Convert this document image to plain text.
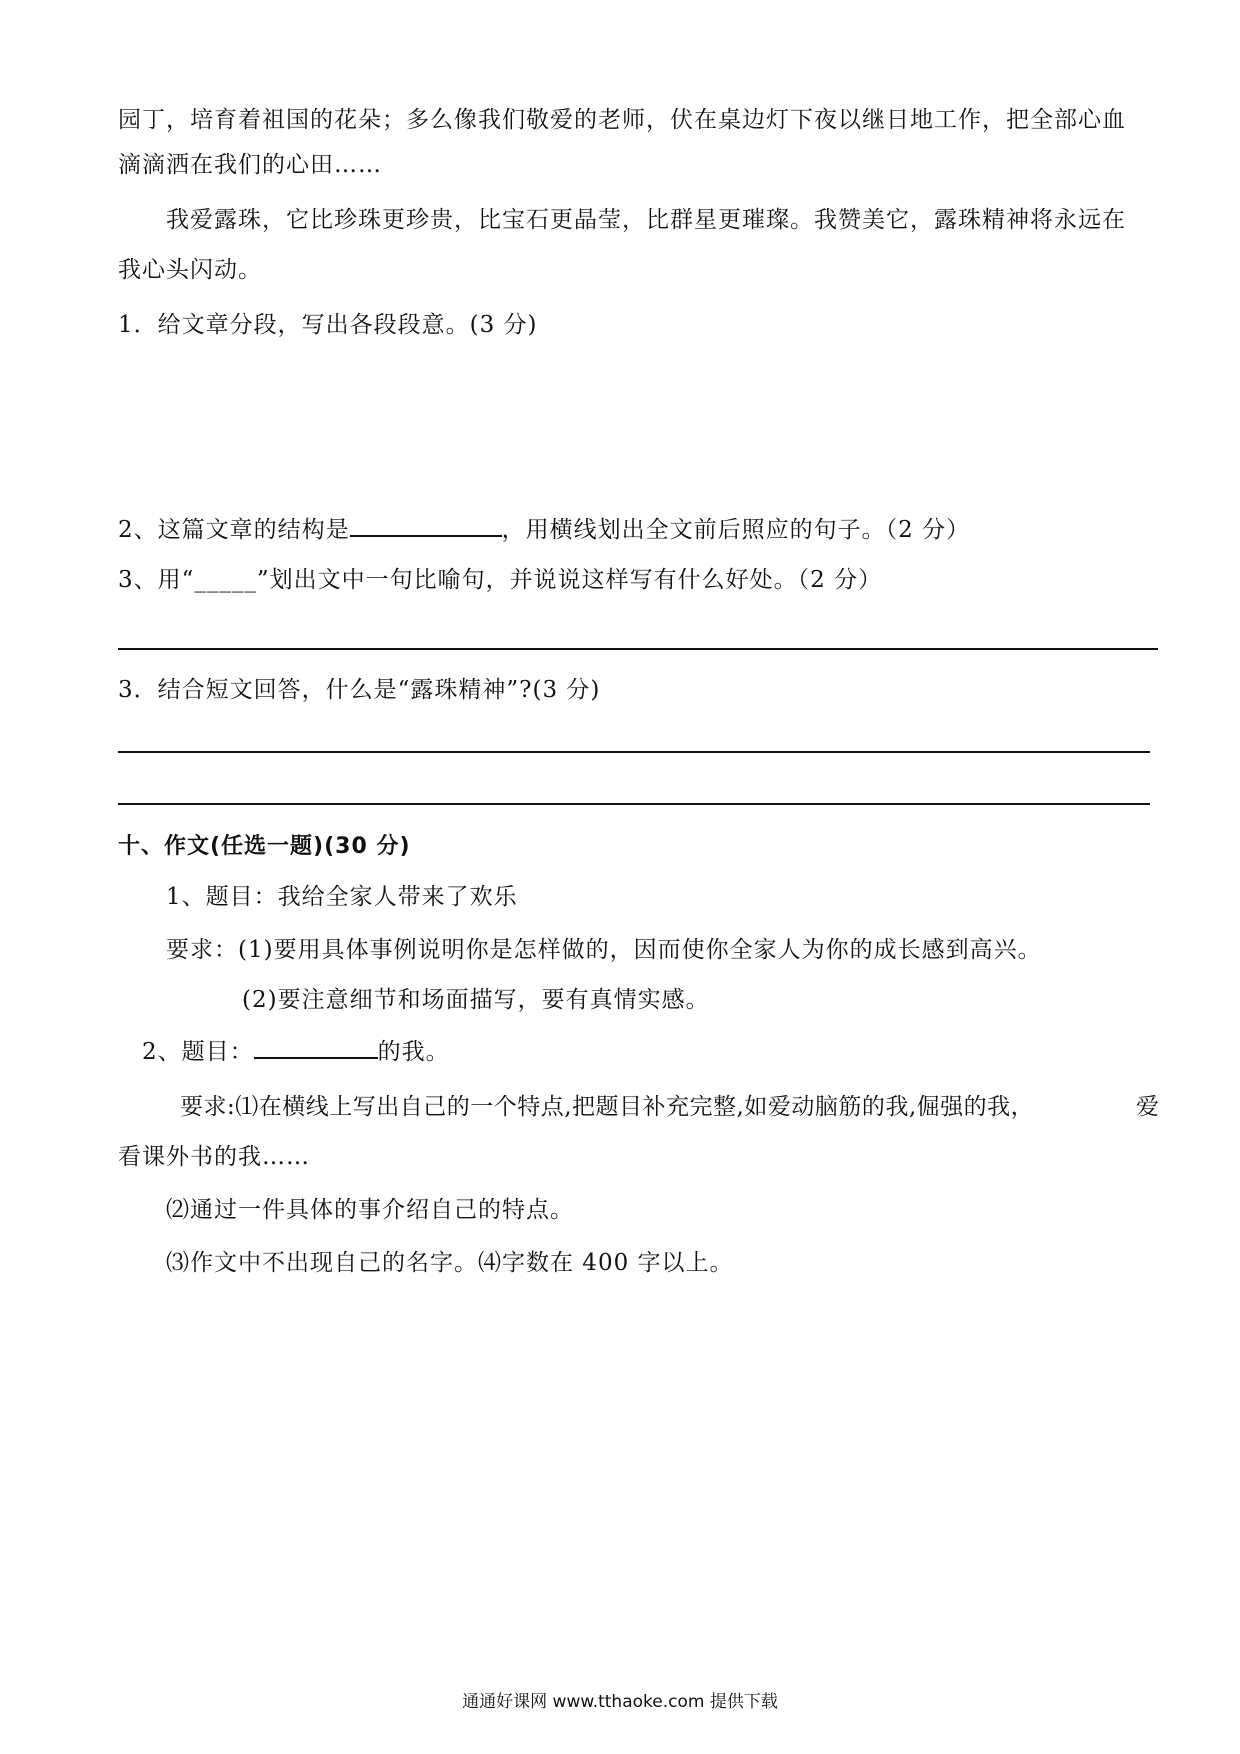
园丁，培育着祖国的花朵；多么像我们敬爱的老师，伏在桌边灯下夜以继日地工作，把全部心血
滴滴洒在我们的心田……
我爱露珠，它比珍珠更珍贵，比宝石更晶莹，比群星更璀璨。我赞美它，露珠精神将永远在
我心头闪动。
1．给文章分段，写出各段段意。(3 分)
2、这篇文章的结构是	，用横线划出全文前后照应的句子。（2 分）
3、用“_____”划出文中一句比喻句，并说说这样写有什么好处。（2 分）
3．结合短文回答，什么是“露珠精神”?(3 分)
十、作文(任选一题)(30 分)
1、题目：我给全家人带来了欢乐
要求：(1)要用具体事例说明你是怎样做的，因而使你全家人为你的成长感到高兴。
(2)要注意细节和场面描写，要有真情实感。
2、题目：	的我。
要求:⑴在横线上写出自己的一个特点,把题目补充完整,如爱动脑筋的我,倔强的我，	爱
看课外书的我……
⑵通过一件具体的事介绍自己的特点。
⑶作文中不出现自己的名字。⑷字数在 400 字以上。
通通好课网 www.tthaoke.com 提供下载
